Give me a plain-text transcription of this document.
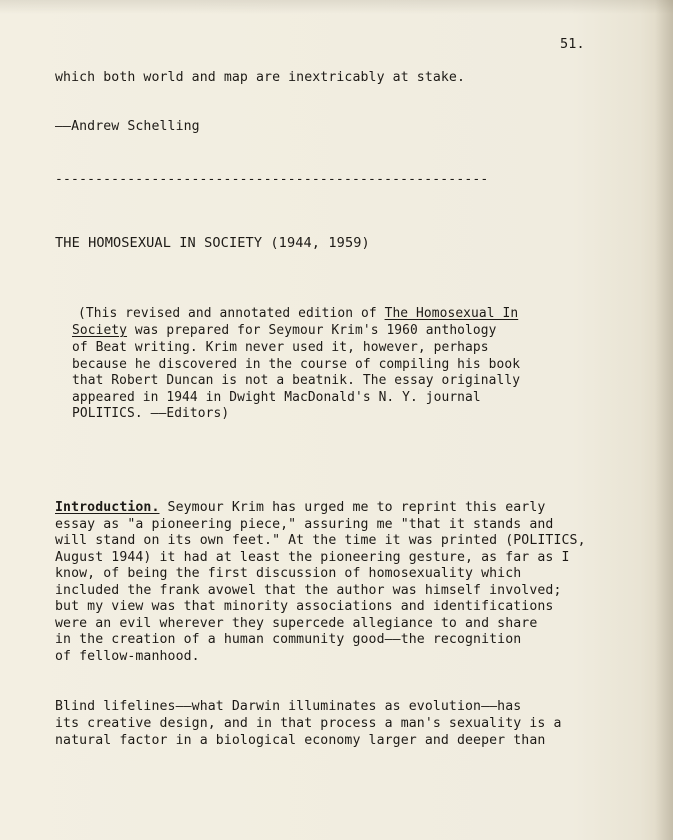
51.
which both world and map are inextricably at stake.
——Andrew Schelling
------------------------------------------------------
THE HOMOSEXUAL IN SOCIETY (1944, 1959)
(This revised and annotated edition of The Homosexual In
Society was prepared for Seymour Krim's 1960 anthology
of Beat writing. Krim never used it, however, perhaps
because he discovered in the course of compiling his book
that Robert Duncan is not a beatnik. The essay originally
appeared in 1944 in Dwight MacDonald's N. Y. journal
POLITICS. ——Editors)
Introduction. Seymour Krim has urged me to reprint this early
essay as "a pioneering piece," assuring me "that it stands and
will stand on its own feet." At the time it was printed (POLITICS,
August 1944) it had at least the pioneering gesture, as far as I
know, of being the first discussion of homosexuality which
included the frank avowel that the author was himself involved;
but my view was that minority associations and identifications
were an evil wherever they supercede allegiance to and share
in the creation of a human community good——the recognition
of fellow-manhood.
Blind lifelines——what Darwin illuminates as evolution——has
its creative design, and in that process a man's sexuality is a
natural factor in a biological economy larger and deeper than
